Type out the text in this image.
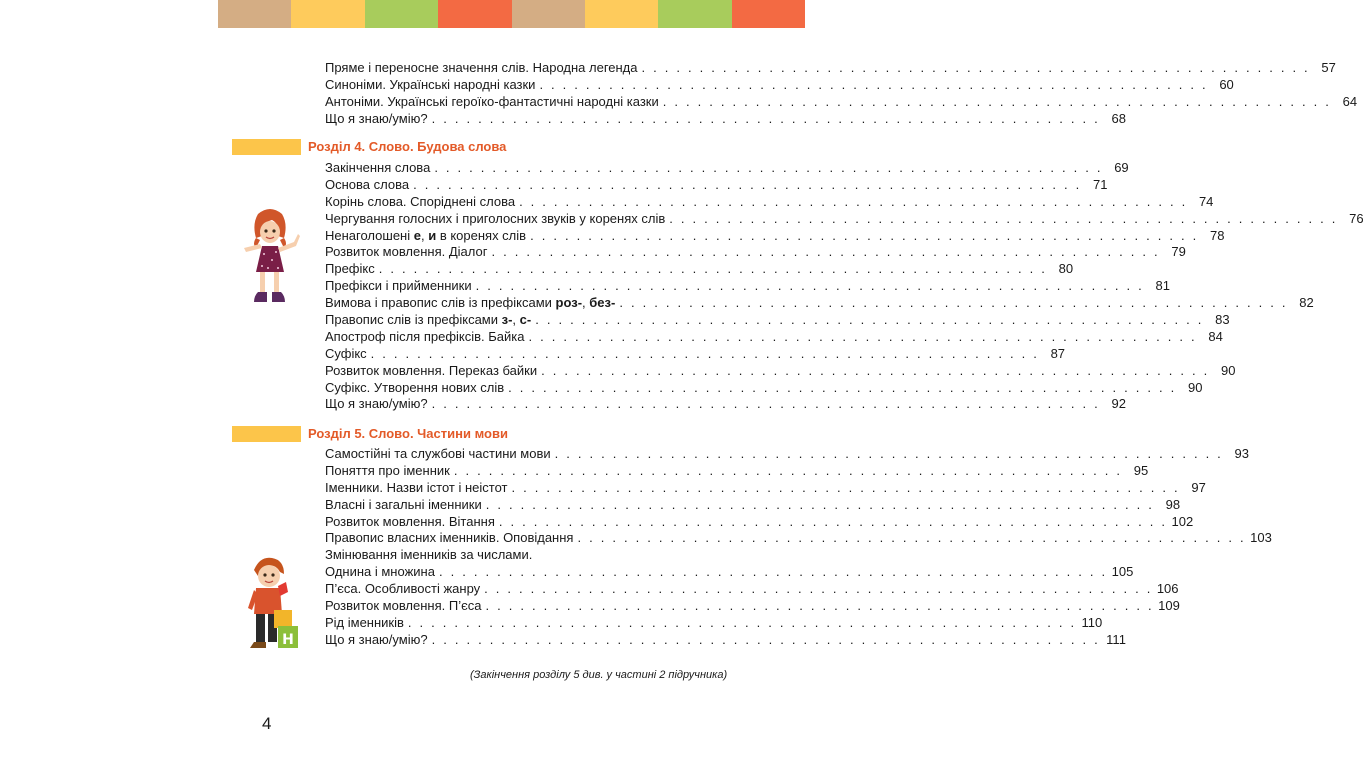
Пряме і переносне значення слів. Народна легенда . . . . . . . . . . . . . . . . . . . . . . . . . . . . . . . . . . . . . . . . . . . . . . . . . . . . . . . . . . 57
Синоніми. Українські народні казки . . . . . . . . . . . . . . . . . . . . . . . . . . . . . . . . . . . . . . . . . . . . . . . . . . . . . . . . . . 60
Антоніми. Українські героїко-фантастичні народні казки . . . . . . . . . . . . . . . . . . . . . . . . . . . . . . . . . . . . . . . . . . . . . . . . . . . . . . . . . . 64
Що я знаю/умію? . . . . . . . . . . . . . . . . . . . . . . . . . . . . . . . . . . . . . . . . . . . . . . . . . . . . . . . . . . 68
Розділ 4. Слово. Будова слова
Закінчення слова . . . . . . . . . . . . . . . . . . . . . . . . . . . . . . . . . . . . . . . . . . . . . . . . . . . . . . . . . . 69
Основа слова . . . . . . . . . . . . . . . . . . . . . . . . . . . . . . . . . . . . . . . . . . . . . . . . . . . . . . . . . . 71
Корінь слова. Споріднені слова . . . . . . . . . . . . . . . . . . . . . . . . . . . . . . . . . . . . . . . . . . . . . . . . . . . . . . . . . . 74
Чергування голосних і приголосних звуків у коренях слів . . . . . . . . . . . . . . . . . . . . . . . . . . . . . . . . . . . . . . . . . . . . . . . . . . . . . . . . . . 76
Ненаголошені е, и в коренях слів . . . . . . . . . . . . . . . . . . . . . . . . . . . . . . . . . . . . . . . . . . . . . . . . . . . . . . . . . . 78
Розвиток мовлення. Діалог . . . . . . . . . . . . . . . . . . . . . . . . . . . . . . . . . . . . . . . . . . . . . . . . . . . . . . . . . . 79
Префікс . . . . . . . . . . . . . . . . . . . . . . . . . . . . . . . . . . . . . . . . . . . . . . . . . . . . . . . . . . 80
Префікси і прийменники . . . . . . . . . . . . . . . . . . . . . . . . . . . . . . . . . . . . . . . . . . . . . . . . . . . . . . . . . . 81
Вимова і правопис слів із префіксами роз-, без- . . . . . . . . . . . . . . . . . . . . . . . . . . . . . . . . . . . . . . . . . . . . . . . . . . . . . . . . . . 82
Правопис слів із префіксами з-, с- . . . . . . . . . . . . . . . . . . . . . . . . . . . . . . . . . . . . . . . . . . . . . . . . . . . . . . . . . . 83
Апостроф після префіксів. Байка . . . . . . . . . . . . . . . . . . . . . . . . . . . . . . . . . . . . . . . . . . . . . . . . . . . . . . . . . . 84
Суфікс . . . . . . . . . . . . . . . . . . . . . . . . . . . . . . . . . . . . . . . . . . . . . . . . . . . . . . . . . . 87
Розвиток мовлення. Переказ байки . . . . . . . . . . . . . . . . . . . . . . . . . . . . . . . . . . . . . . . . . . . . . . . . . . . . . . . . . . 90
Суфікс. Утворення нових слів . . . . . . . . . . . . . . . . . . . . . . . . . . . . . . . . . . . . . . . . . . . . . . . . . . . . . . . . . . 90
Що я знаю/умію? . . . . . . . . . . . . . . . . . . . . . . . . . . . . . . . . . . . . . . . . . . . . . . . . . . . . . . . . . . 92
Розділ 5. Слово. Частини мови
Самостійні та службові частини мови . . . . . . . . . . . . . . . . . . . . . . . . . . . . . . . . . . . . . . . . . . . . . . . . . . . . . . . . . . 93
Поняття про іменник . . . . . . . . . . . . . . . . . . . . . . . . . . . . . . . . . . . . . . . . . . . . . . . . . . . . . . . . . . 95
Іменники. Назви істот і неістот . . . . . . . . . . . . . . . . . . . . . . . . . . . . . . . . . . . . . . . . . . . . . . . . . . . . . . . . . . 97
Власні і загальні іменники . . . . . . . . . . . . . . . . . . . . . . . . . . . . . . . . . . . . . . . . . . . . . . . . . . . . . . . . . . 98
Розвиток мовлення. Вітання . . . . . . . . . . . . . . . . . . . . . . . . . . . . . . . . . . . . . . . . . . . . . . . . . . . . . . . . . . 102
Правопис власних іменників. Оповідання . . . . . . . . . . . . . . . . . . . . . . . . . . . . . . . . . . . . . . . . . . . . . . . . . . . . . . . . . . 103
Змінювання іменників за числами.
Однина і множина . . . . . . . . . . . . . . . . . . . . . . . . . . . . . . . . . . . . . . . . . . . . . . . . . . . . . . . . . . 105
П’єса. Особливості жанру . . . . . . . . . . . . . . . . . . . . . . . . . . . . . . . . . . . . . . . . . . . . . . . . . . . . . . . . . . 106
Розвиток мовлення. П’єса . . . . . . . . . . . . . . . . . . . . . . . . . . . . . . . . . . . . . . . . . . . . . . . . . . . . . . . . . . 109
Рід іменників . . . . . . . . . . . . . . . . . . . . . . . . . . . . . . . . . . . . . . . . . . . . . . . . . . . . . . . . . . 110
Що я знаю/умію? . . . . . . . . . . . . . . . . . . . . . . . . . . . . . . . . . . . . . . . . . . . . . . . . . . . . . . . . . . 111
(Закінчення розділу 5 див. у частині 2 підручника)
4
Н
